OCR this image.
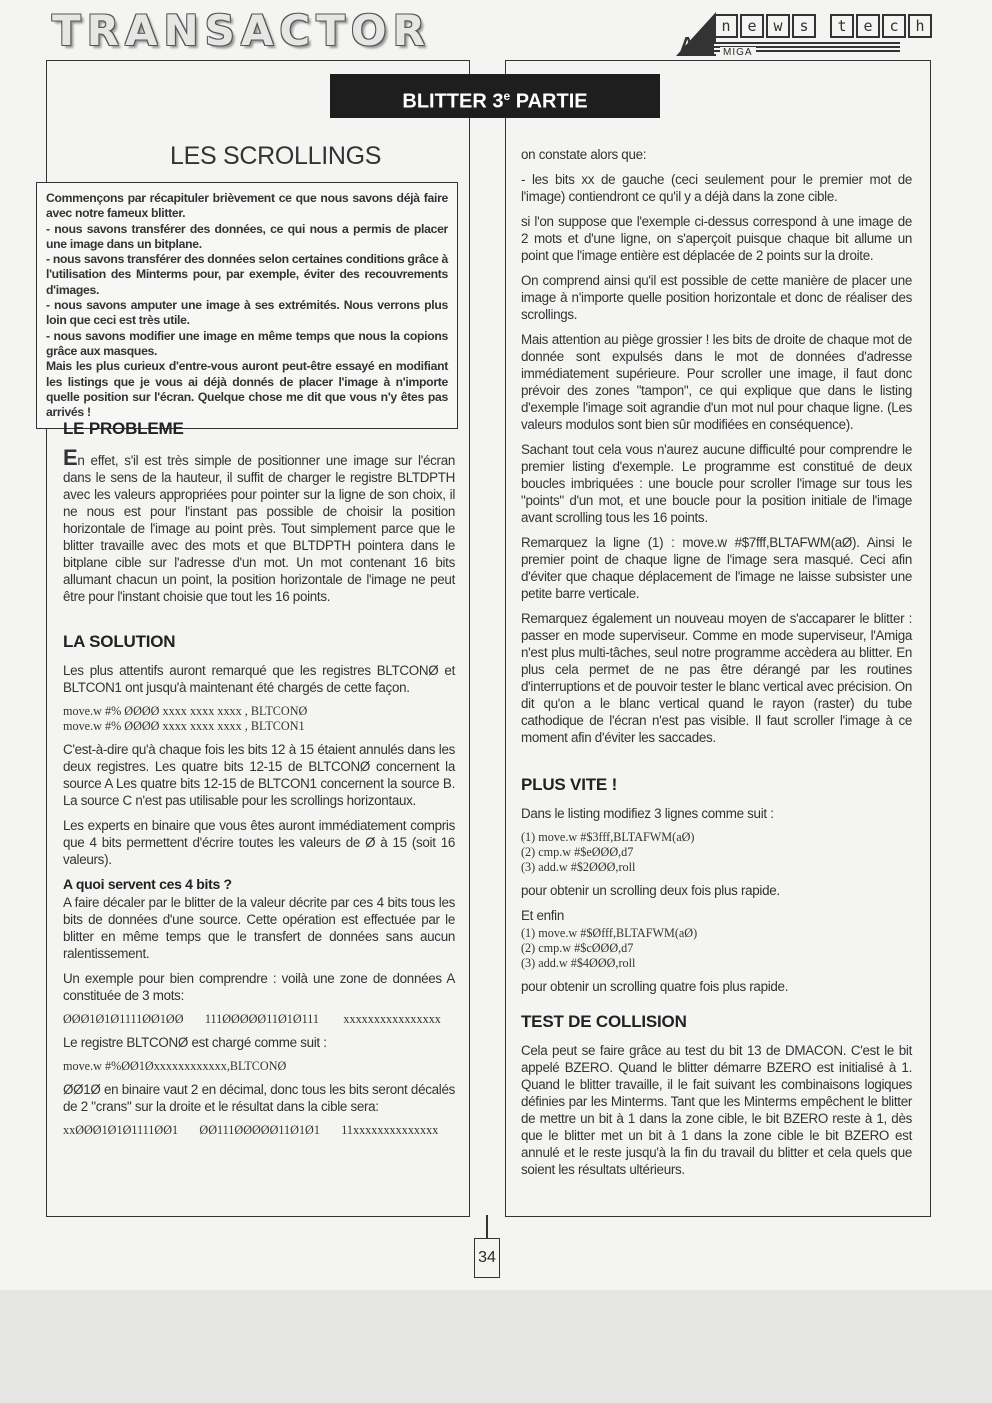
TRANSACTOR	A
n	e	w	s	t	e	c	h
MIGA
BLITTER 3e PARTIE
LES SCROLLINGS

Commençons par récapituler brièvement ce que nous savons déjà faire avec notre fameux blitter.

- nous savons transférer des données, ce qui nous a permis de placer une image dans un bitplane.

- nous savons transférer des données selon certaines conditions grâce à l'utilisation des Minterms pour, par exemple, éviter des recouvrements d'images.

- nous savons amputer une image à ses extrémités. Nous verrons plus loin que ceci est très utile.

- nous savons modifier une image en même temps que nous la copions grâce aux masques.

Mais les plus curieux d'entre-vous auront peut-être essayé en modifiant les listings que je vous ai déjà donnés de placer l'image à n'importe quelle position sur l'écran. Quelque chose me dit que vous n'y êtes pas arrivés !

LE PROBLEME

En effet, s'il est très simple de positionner une image sur l'écran dans le sens de la hauteur, il suffit de charger le registre BLTDPTH avec les valeurs appropriées pour pointer sur la ligne de son choix, il ne nous est pour l'instant pas possible de choisir la position horizontale de l'image au point près. Tout simplement parce que le blitter travaille avec des mots et que BLTDPTH pointera dans le bitplane cible sur l'adresse d'un mot. Un mot contenant 16 bits allumant chacun un point, la position horizontale de l'image ne peut être pour l'instant choisie que tout les 16 points.

LA SOLUTION

Les plus attentifs auront remarqué que les registres BLTCONØ et BLTCON1 ont jusqu'à maintenant été chargés de cette façon.

move.w #% ØØØØ xxxx xxxx xxxx , BLTCONØ
move.w #% ØØØØ xxxx xxxx xxxx , BLTCON1

C'est-à-dire qu'à chaque fois les bits 12 à 15 étaient annulés dans les deux registres. Les quatre bits 12-15 de BLTCONØ concernent la source A Les quatre bits 12-15 de BLTCON1 concernent la source B. La source C n'est pas utilisable pour les scrollings horizontaux.

Les experts en binaire que vous êtes auront immédiatement compris que 4 bits permettent d'écrire toutes les valeurs de Ø à 15 (soit 16 valeurs).

A quoi servent ces 4 bits ?

A faire décaler par le blitter de la valeur décrite par ces 4 bits tous les bits de données d'une source. Cette opération est effectuée par le blitter en même temps que le transfert de données sans aucun ralentissement.

Un exemple pour bien comprendre : voilà une zone de données A constituée de 3 mots:

ØØØ1Ø1Ø1111ØØ1ØØ       111ØØØØØ11Ø1Ø111        xxxxxxxxxxxxxxxx

Le registre BLTCONØ est chargé comme suit :

move.w #%ØØ1Øxxxxxxxxxxxx,BLTCONØ

ØØ1Ø en binaire vaut 2 en décimal, donc tous les bits seront décalés de 2 "crans" sur la droite et le résultat dans la cible sera:

xxØØØ1Ø1Ø1111ØØ1       ØØ111ØØØØØ11Ø1Ø1       11xxxxxxxxxxxxxx

on constate alors que:

- les bits xx de gauche (ceci seulement pour le premier mot de l'image) contiendront ce qu'il y a déjà dans la zone cible.

si l'on suppose que l'exemple ci-dessus correspond à une image de 2 mots et d'une ligne, on s'aperçoit puisque chaque bit allume un point que l'image entière est déplacée de 2 points sur la droite.

On comprend ainsi qu'il est possible de cette manière de placer une image à n'importe quelle position horizontale et donc de réaliser des scrollings.

Mais attention au piège grossier ! les bits de droite de chaque mot de donnée sont expulsés dans le mot de données d'adresse immédiatement supérieure. Pour scroller une image, il faut donc prévoir des zones "tampon", ce qui explique que dans le listing d'exemple l'image soit agrandie d'un mot nul pour chaque ligne. (Les valeurs modulos sont bien sûr modifiées en conséquence).

Sachant tout cela vous n'aurez aucune difficulté pour comprendre le premier listing d'exemple. Le programme est constitué de deux boucles imbriquées : une boucle pour scroller l'image sur tous les "points" d'un mot, et une boucle pour la position initiale de l'image avant scrolling tous les 16 points.

Remarquez la ligne (1) : move.w #$7fff,BLTAFWM(aØ). Ainsi le premier point de chaque ligne de l'image sera masqué. Ceci afin d'éviter que chaque déplacement de l'image ne laisse subsister une petite barre verticale.

Remarquez également un nouveau moyen de s'accaparer le blitter : passer en mode superviseur. Comme en mode superviseur, l'Amiga n'est plus multi-tâches, seul notre programme accèdera au blitter. En plus cela permet de ne pas être dérangé par les routines d'interruptions et de pouvoir tester le blanc vertical avec précision. On dit qu'on a le blanc vertical quand le rayon (raster) du tube cathodique de l'écran n'est pas visible. Il faut scroller l'image à ce moment afin d'éviter les saccades.

PLUS VITE !

Dans le listing modifiez 3 lignes comme suit :

(1) move.w #$3fff,BLTAFWM(aØ)
(2) cmp.w #$eØØØ,d7
(3) add.w #$2ØØØ,roll

pour obtenir un scrolling deux fois plus rapide.

Et enfin

(1) move.w #$Øfff,BLTAFWM(aØ)
(2) cmp.w #$cØØØ,d7
(3) add.w #$4ØØØ,roll

pour obtenir un scrolling quatre fois plus rapide.

TEST DE COLLISION

Cela peut se faire grâce au test du bit 13 de DMACON. C'est le bit appelé BZERO. Quand le blitter démarre BZERO est initialisé à 1. Quand le blitter travaille, il le fait suivant les combinaisons logiques définies par les Minterms. Tant que les Minterms empêchent le blitter de mettre un bit à 1 dans la zone cible, le bit BZERO reste à 1, dès que le blitter met un bit à 1 dans la zone cible le bit BZERO est annulé et le reste jusqu'à la fin du travail du blitter et cela quels que soient les résultats ultérieurs.

34
